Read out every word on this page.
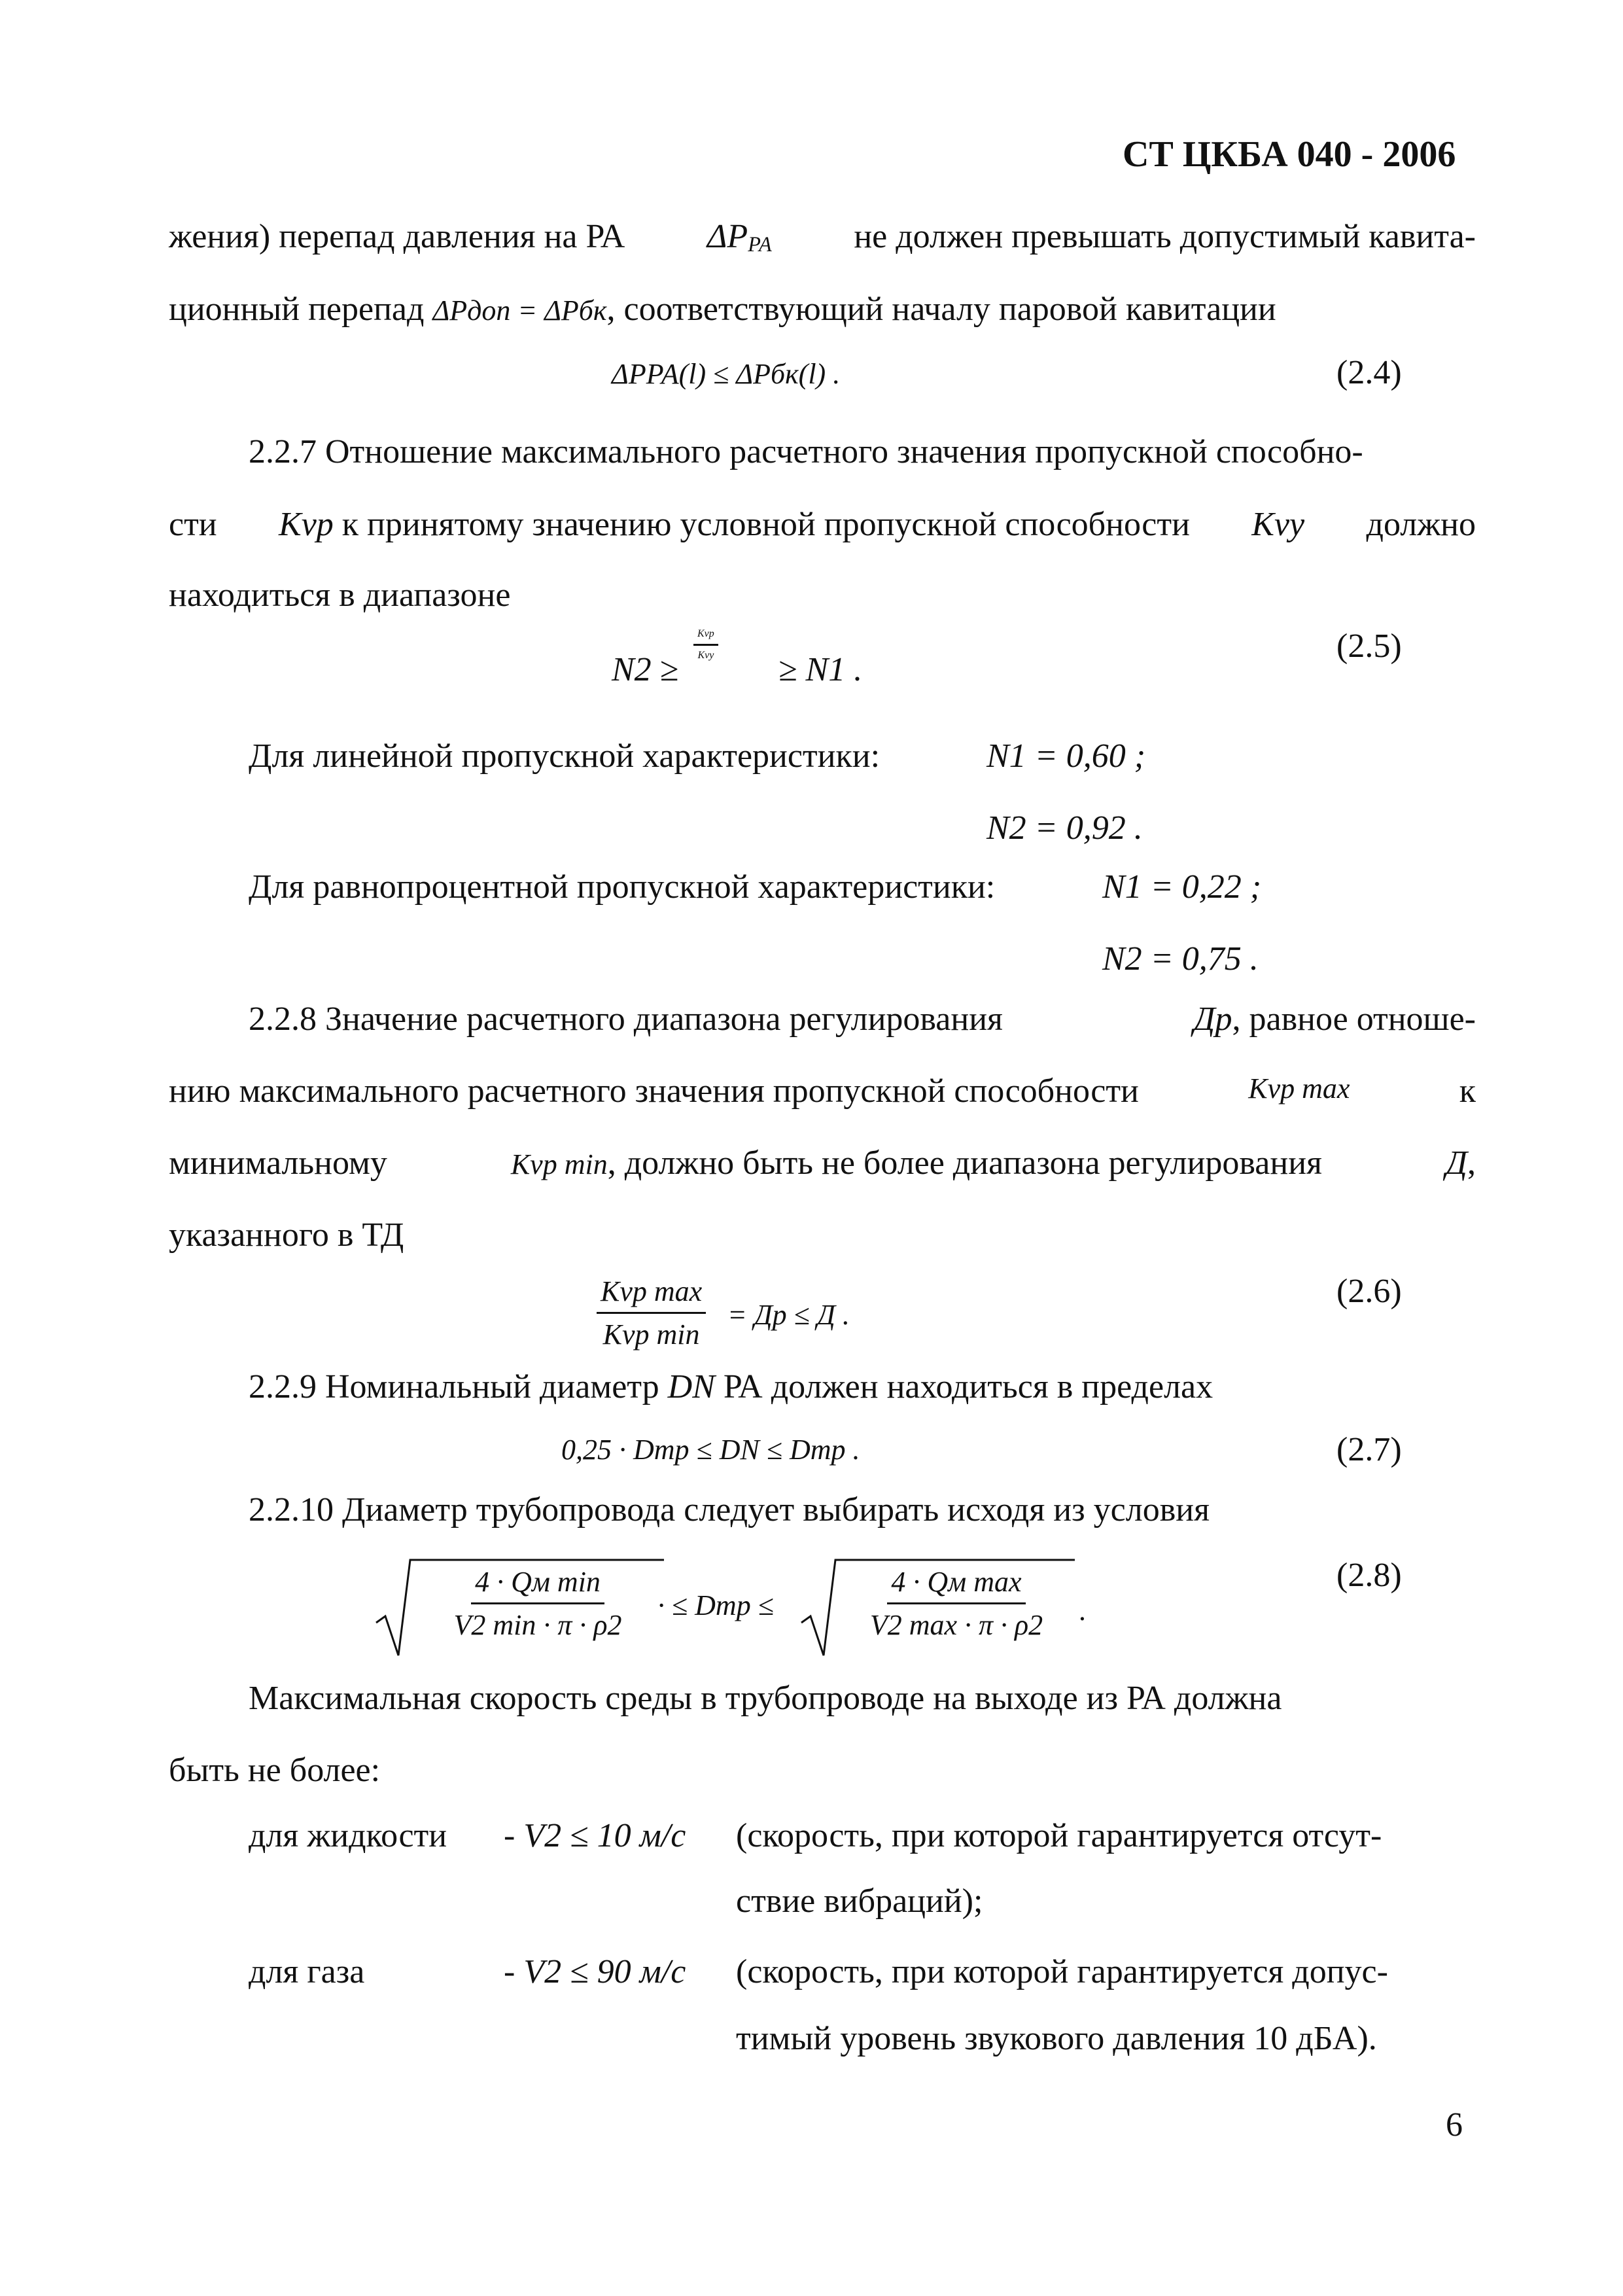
СТ ЦКБА 040 - 2006
жения) перепад давления на РА ΔPРА не должен превышать допустимый кавита-
ционный перепад ΔPдоп = ΔPбк, соответствующий началу паровой кавитации
ΔPРА(l) ≤ ΔPбк(l) .	(2.4)
2.2.7 Отношение максимального расчетного значения пропускной способно-
сти Kvp к принятому значению условной пропускной способности Kvy должно
находиться в диапазоне
N2 ≥
Kvp
Kvy ≥ N1 .
(2.5)
Для линейной пропускной характеристики:	N1 = 0,60 ;
N2 = 0,92 .
Для равнопроцентной пропускной характеристики:	N1 = 0,22 ;
N2 = 0,75 .
2.2.8 Значение расчетного диапазона регулирования	Дp, равное отноше-
нию максимального расчетного значения пропускной способности	Kvp max	к
минимальному	Kvp min, должно быть не более диапазона регулирования	Д,
указанного в ТД
Kvp max
Kvp min
= Дp ≤ Д .
(2.6)
2.2.9 Номинальный диаметр DN РА должен находиться в пределах
0,25 · Dтр ≤ DN ≤ Dтр .	(2.7)
2.2.10 Диаметр трубопровода следует выбирать исходя из условия
4 · Qм min
V2 min · π · ρ2
· ≤ Dтр ≤
4 · Qм max
V2 max · π · ρ2 .
(2.8)
Максимальная скорость среды в трубопроводе на выходе из РА должна
быть не более:
для жидкости - V2 ≤ 10 м/с (скорость, при которой гарантируется отсут-
ствие вибраций);
для газа	- V2 ≤ 90 м/с (скорость, при которой гарантируется допус-
тимый уровень звукового давления 10 дБА).
6
